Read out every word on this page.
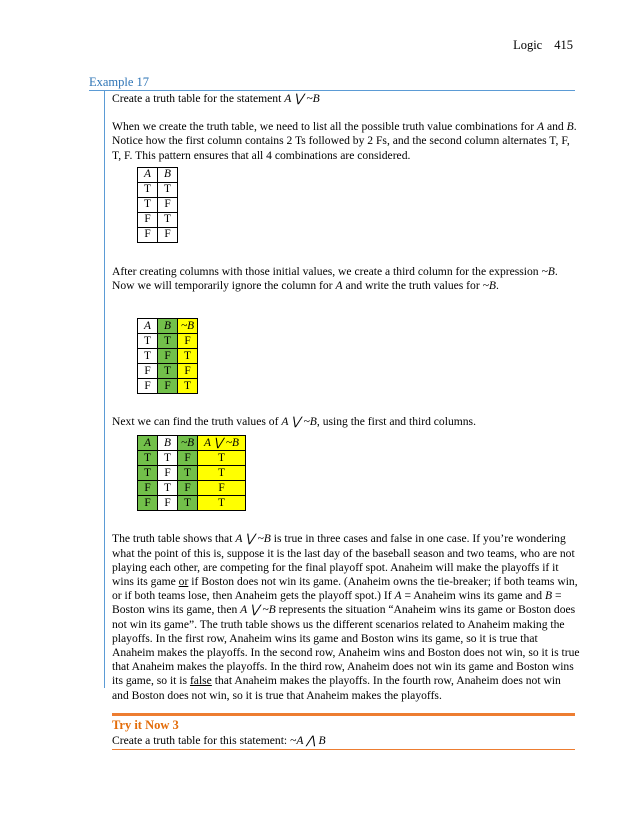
Logic 415
Example 17

Create a truth table for the statement A ⋁ ~B

When we create the truth table, we need to list all the possible truth value combinations for A and B. Notice how the first column contains 2 Ts followed by 2 Fs, and the second column alternates T, F, T, F. This pattern ensures that all 4 combinations are considered.

A	B
T	T
T	F
F	T
F	F

After creating columns with those initial values, we create a third column for the expression ~B. Now we will temporarily ignore the column for A and write the truth values for ~B.

A	B	~B
T	T	F
T	F	T
F	T	F
F	F	T

Next we can find the truth values of A ⋁ ~B, using the first and third columns.

A	B	~B	A ⋁ ~B
T	T	F	T
T	F	T	T
F	T	F	F
F	F	T	T

The truth table shows that A ⋁ ~B is true in three cases and false in one case. If you’re wondering what the point of this is, suppose it is the last day of the baseball season and two teams, who are not playing each other, are competing for the final playoff spot. Anaheim will make the playoffs if it wins its game or if Boston does not win its game. (Anaheim owns the tie-breaker; if both teams win, or if both teams lose, then Anaheim gets the playoff spot.) If A = Anaheim wins its game and B = Boston wins its game, then A ⋁ ~B represents the situation “Anaheim wins its game or Boston does not win its game”. The truth table shows us the different scenarios related to Anaheim making the playoffs. In the first row, Anaheim wins its game and Boston wins its game, so it is true that Anaheim makes the playoffs. In the second row, Anaheim wins and Boston does not win, so it is true that Anaheim makes the playoffs. In the third row, Anaheim does not win its game and Boston wins its game, so it is false that Anaheim makes the playoffs. In the fourth row, Anaheim does not win and Boston does not win, so it is true that Anaheim makes the playoffs.

Try it Now 3
Create a truth table for this statement: ~A ⋀ B
